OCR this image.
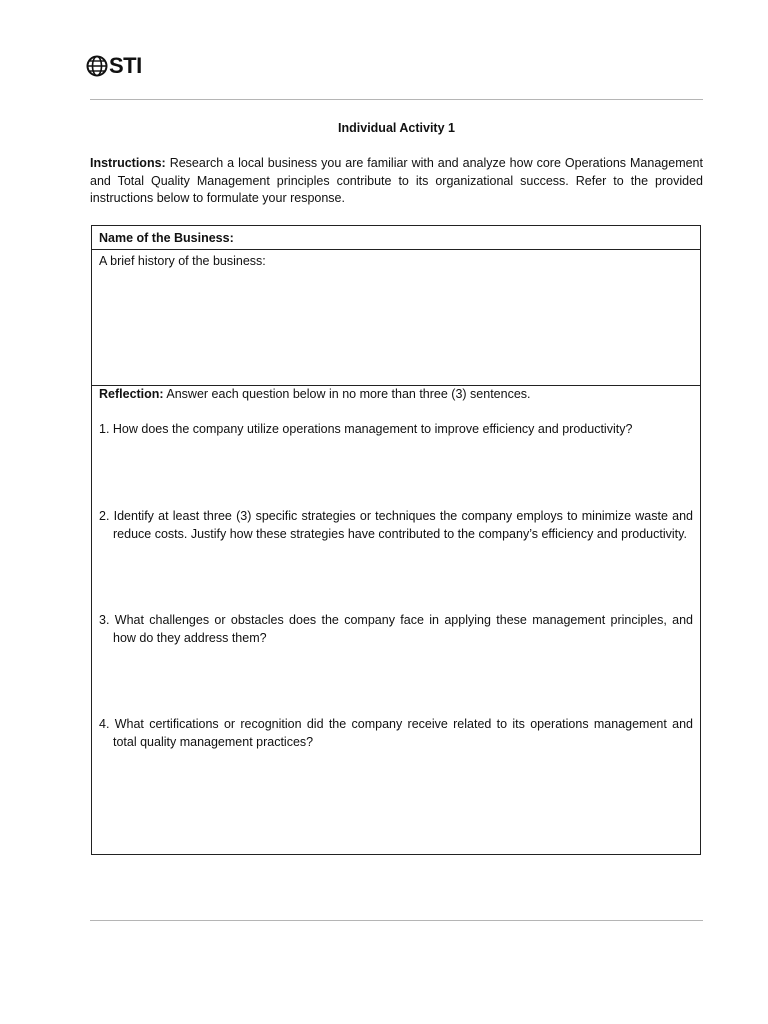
STI
Individual Activity 1
Instructions: Research a local business you are familiar with and analyze how core Operations Management and Total Quality Management principles contribute to its organizational success. Refer to the provided instructions below to formulate your response.
Name of the Business:
A brief history of the business:
Reflection: Answer each question below in no more than three (3) sentences.
1. How does the company utilize operations management to improve efficiency and productivity?
2. Identify at least three (3) specific strategies or techniques the company employs to minimize waste and reduce costs. Justify how these strategies have contributed to the company’s efficiency and productivity.
3. What challenges or obstacles does the company face in applying these management principles, and how do they address them?
4. What certifications or recognition did the company receive related to its operations management and total quality management practices?
